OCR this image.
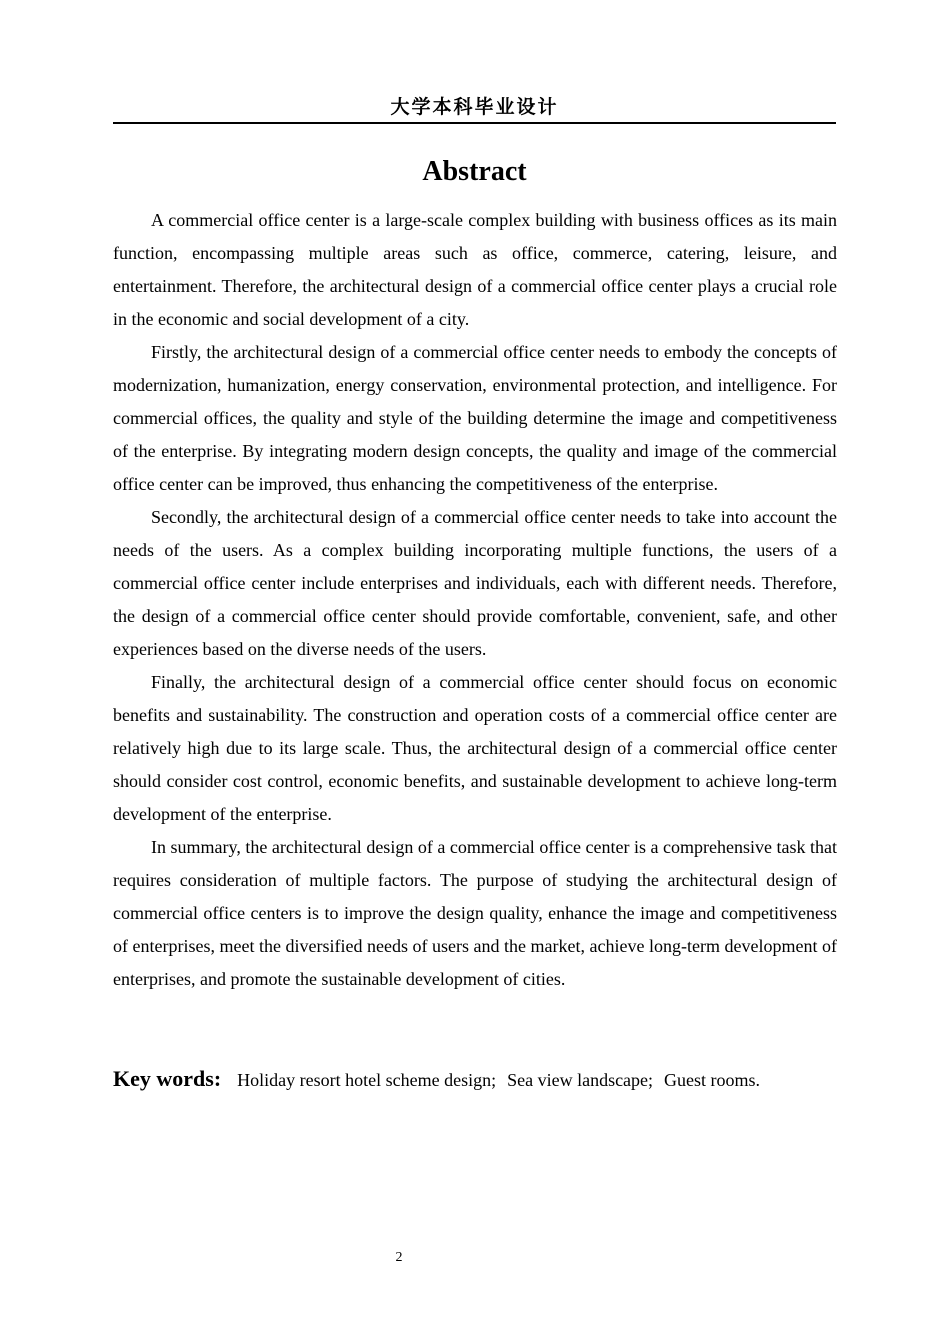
大学本科毕业设计
Abstract

A commercial office center is a large-scale complex building with business offices as its main function, encompassing multiple areas such as office, commerce, catering, leisure, and entertainment. Therefore, the architectural design of a commercial office center plays a crucial role in the economic and social development of a city.

Firstly, the architectural design of a commercial office center needs to embody the concepts of modernization, humanization, energy conservation, environmental protection, and intelligence. For commercial offices, the quality and style of the building determine the image and competitiveness of the enterprise. By integrating modern design concepts, the quality and image of the commercial office center can be improved, thus enhancing the competitiveness of the enterprise.

Secondly, the architectural design of a commercial office center needs to take into account the needs of the users. As a complex building incorporating multiple functions, the users of a commercial office center include enterprises and individuals, each with different needs. Therefore, the design of a commercial office center should provide comfortable, convenient, safe, and other experiences based on the diverse needs of the users.

Finally, the architectural design of a commercial office center should focus on economic benefits and sustainability. The construction and operation costs of a commercial office center are relatively high due to its large scale. Thus, the architectural design of a commercial office center should consider cost control, economic benefits, and sustainable development to achieve long-term development of the enterprise.

In summary, the architectural design of a commercial office center is a comprehensive task that requires consideration of multiple factors. The purpose of studying the architectural design of commercial office centers is to improve the design quality, enhance the image and competitiveness of enterprises, meet the diversified needs of users and the market, achieve long-term development of enterprises, and promote the sustainable development of cities.

Key words: Holiday resort hotel scheme design; Sea view landscape; Guest rooms.
2
